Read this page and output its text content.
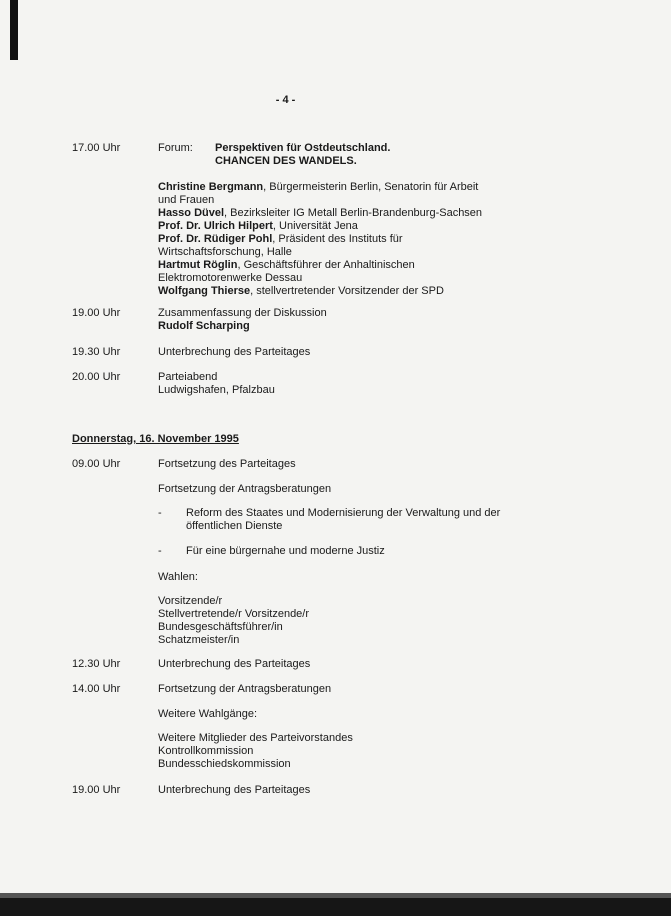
- 4 -
17.00 Uhr	Forum: Perspektiven für Ostdeutschland.
CHANCEN DES WANDELS.
Christine Bergmann, Bürgermeisterin Berlin, Senatorin für Arbeit
und Frauen
Hasso Düvel, Bezirksleiter IG Metall Berlin-Brandenburg-Sachsen
Prof. Dr. Ulrich Hilpert, Universität Jena
Prof. Dr. Rüdiger Pohl, Präsident des Instituts für
Wirtschaftsforschung, Halle
Hartmut Röglin, Geschäftsführer der Anhaltinischen
Elektromotorenwerke Dessau
Wolfgang Thierse, stellvertretender Vorsitzender der SPD
19.00 Uhr	Zusammenfassung der Diskussion
Rudolf Scharping
19.30 Uhr	Unterbrechung des Parteitages
20.00 Uhr	Parteiabend
Ludwigshafen, Pfalzbau
Donnerstag, 16. November 1995
09.00 Uhr	Fortsetzung des Parteitages
Fortsetzung der Antragsberatungen
- Reform des Staates und Modernisierung der Verwaltung und der
öffentlichen Dienste
- Für eine bürgernahe und moderne Justiz
Wahlen:
Vorsitzende/r
Stellvertretende/r Vorsitzende/r
Bundesgeschäftsführer/in
Schatzmeister/in
12.30 Uhr	Unterbrechung des Parteitages
14.00 Uhr	Fortsetzung der Antragsberatungen
Weitere Wahlgänge:
Weitere Mitglieder des Parteivorstandes
Kontrollkommission
Bundesschiedskommission
19.00 Uhr	Unterbrechung des Parteitages
